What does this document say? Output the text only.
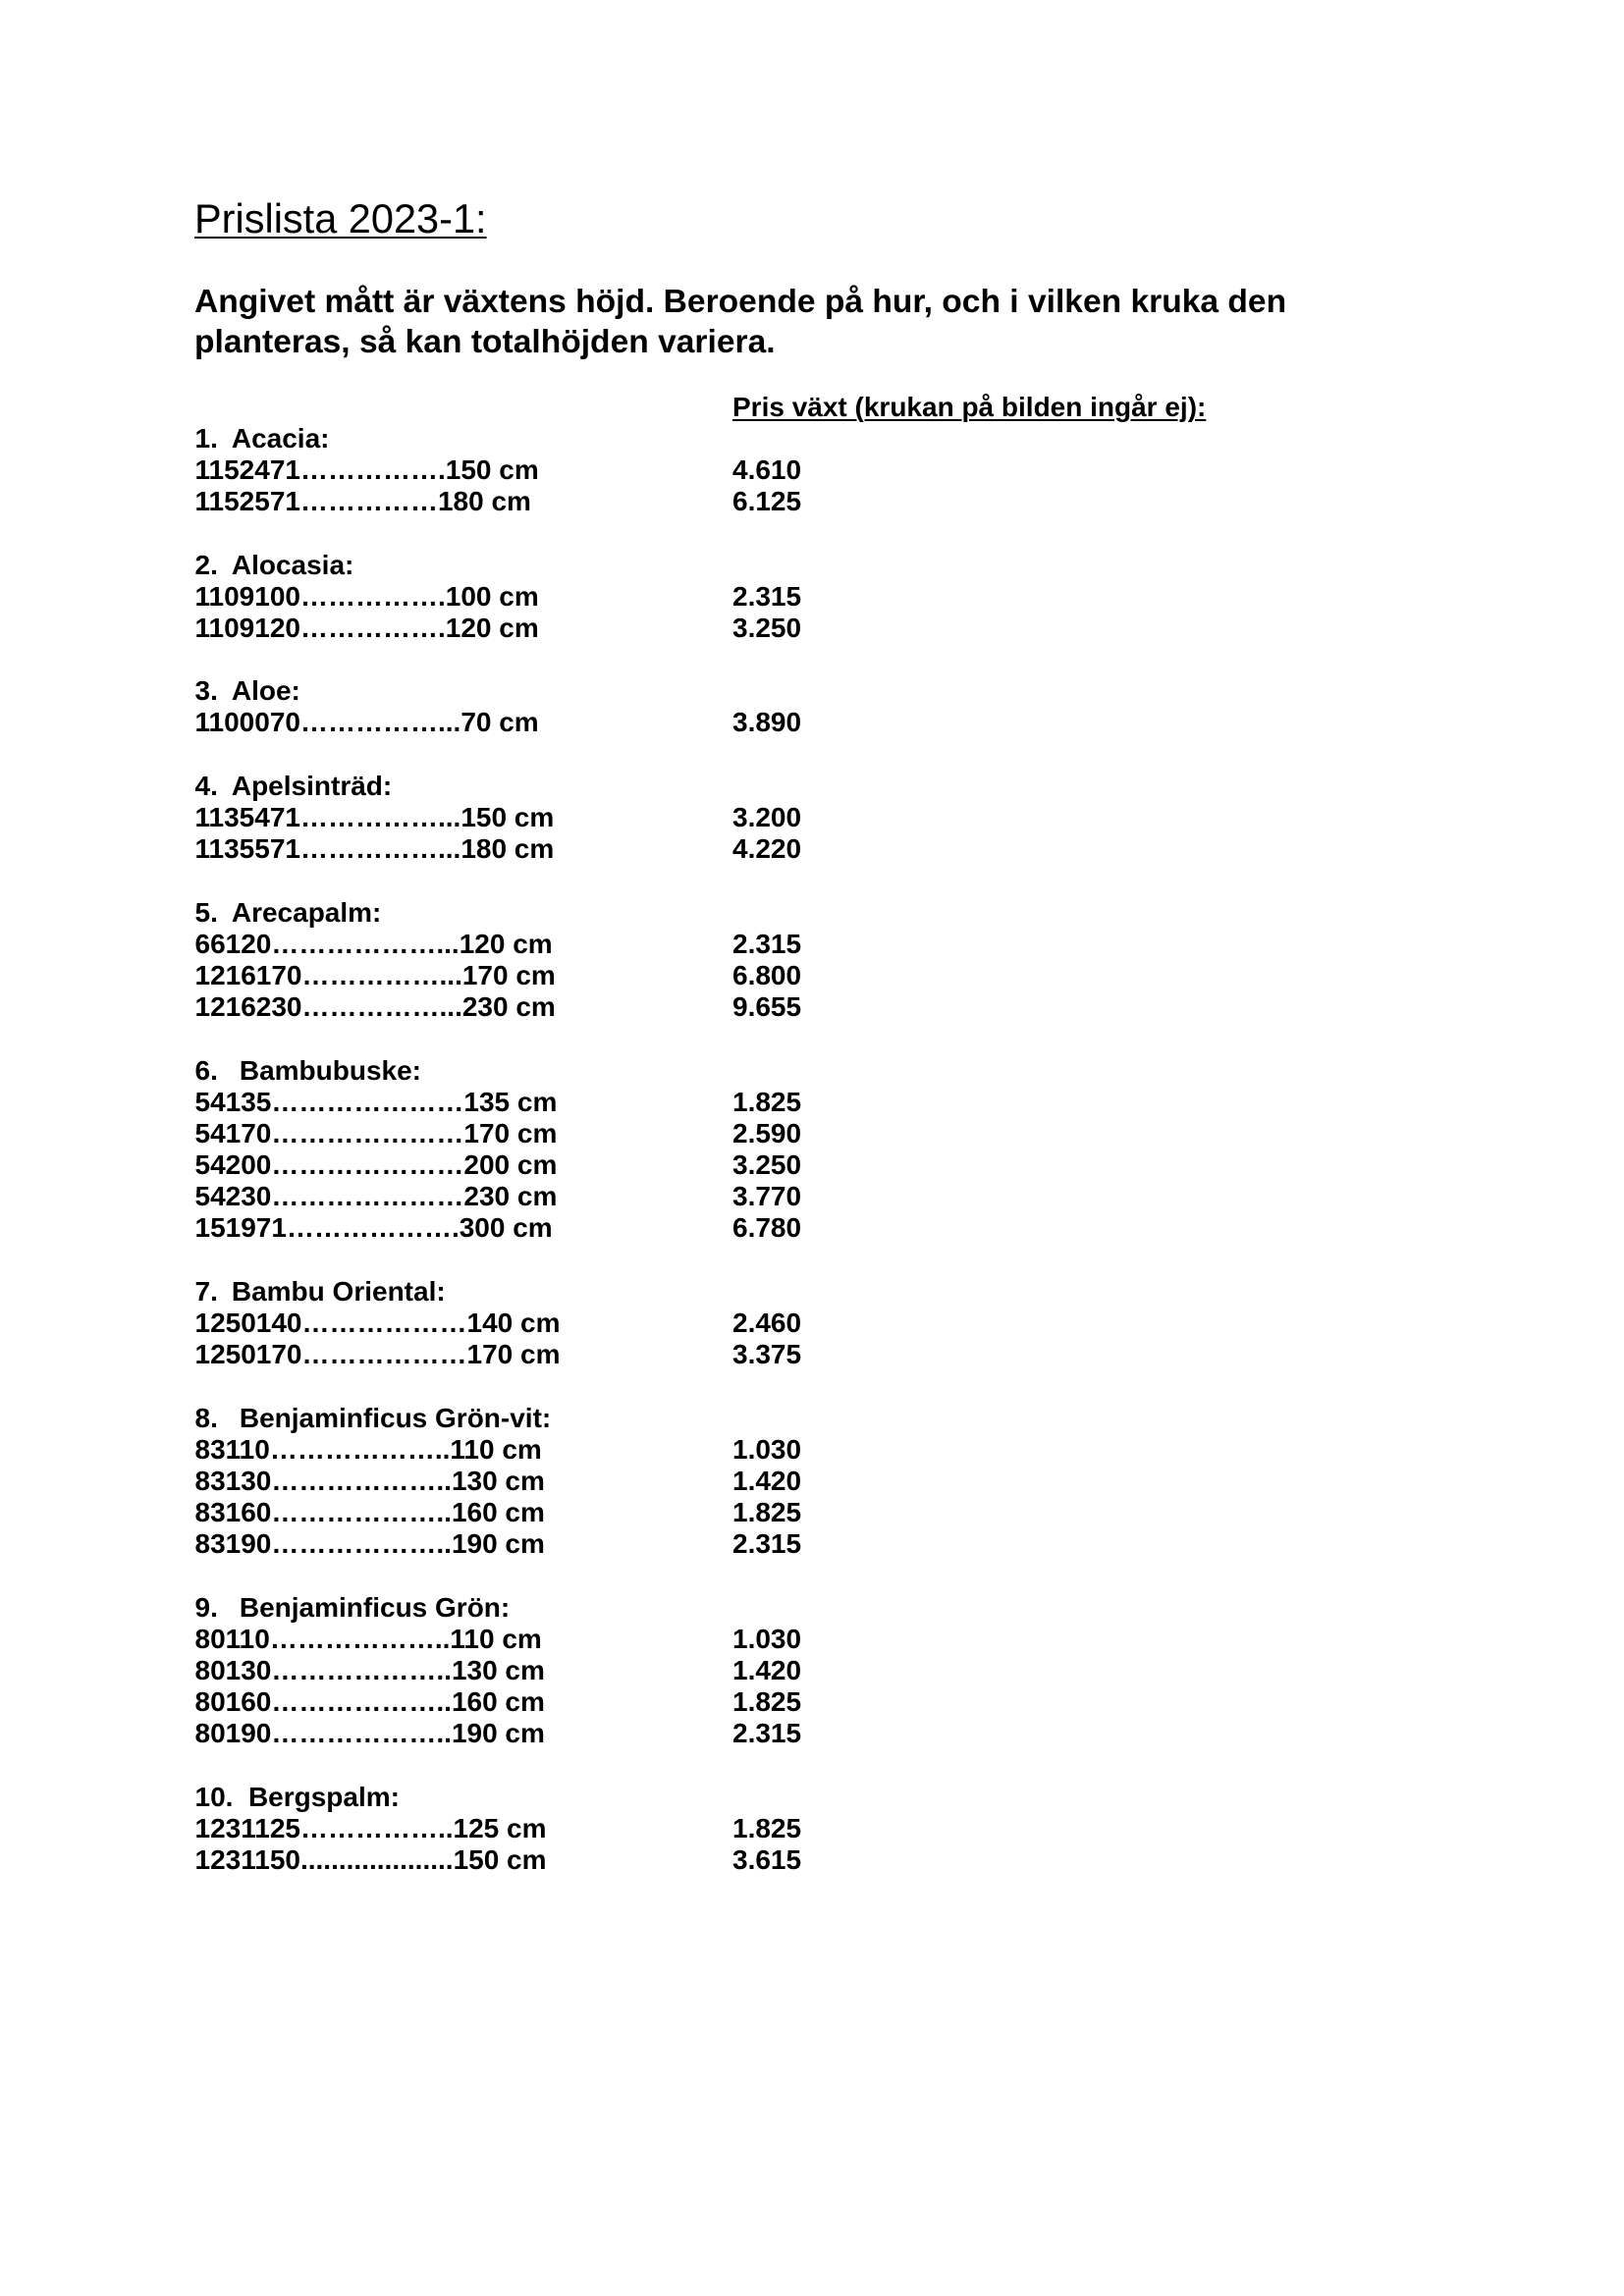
Prislista 2023-1:
Angivet mått är växtens höjd. Beroende på hur, och i vilken kruka den
planteras, så kan totalhöjden variera.
Pris växt (krukan på bilden ingår ej):
1. Acacia:
1152471…………….150 cm	4.610
1152571……………180 cm	6.125
2. Alocasia:
1109100…………….100 cm	2.315
1109120…………….120 cm	3.250
3. Aloe:
1100070……………...70 cm	3.890
4. Apelsinträd:
1135471……………...150 cm	3.200
1135571……………...180 cm	4.220
5. Arecapalm:
66120………………...120 cm	2.315
1216170……………...170 cm	6.800
1216230……………...230 cm	9.655
6. Bambubuske:
54135…………………135 cm	1.825
54170…………………170 cm	2.590
54200…………………200 cm	3.250
54230…………………230 cm	3.770
151971……………….300 cm	6.780
7. Bambu Oriental:
1250140………………140 cm	2.460
1250170………………170 cm	3.375
8. Benjaminficus Grön-vit:
83110………………..110 cm	1.030
83130………………..130 cm	1.420
83160………………..160 cm	1.825
83190………………..190 cm	2.315
9. Benjaminficus Grön:
80110………………..110 cm	1.030
80130………………..130 cm	1.420
80160………………..160 cm	1.825
80190………………..190 cm	2.315
10. Bergspalm:
1231125……………..125 cm	1.825
1231150....................150 cm	3.615
